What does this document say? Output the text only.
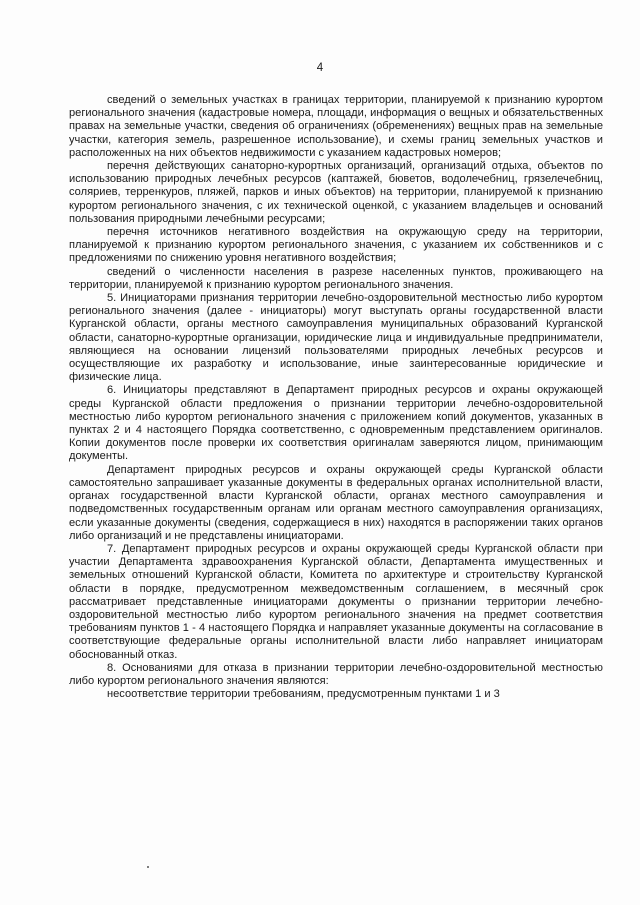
4

сведений о земельных участках в границах территории, планируемой к признанию курортом регионального значения (кадастровые номера, площади, информация о вещных и обязательственных правах на земельные участки, сведения об ограничениях (обременениях) вещных прав на земельные участки, категория земель, разрешенное использование), и схемы границ земельных участков и расположенных на них объектов недвижимости с указанием кадастровых номеров;

перечня действующих санаторно-курортных организаций, организаций отдыха, объектов по использованию природных лечебных ресурсов (каптажей, бюветов, водолечебниц, грязелечебниц, соляриев, терренкуров, пляжей, парков и иных объектов) на территории, планируемой к признанию курортом регионального значения, с их технической оценкой, с указанием владельцев и оснований пользования природными лечебными ресурсами;

перечня источников негативного воздействия на окружающую среду на территории, планируемой к признанию курортом регионального значения, с указанием их собственников и с предложениями по снижению уровня негативного воздействия;

сведений о численности населения в разрезе населенных пунктов, проживающего на территории, планируемой к признанию курортом регионального значения.

5. Инициаторами признания территории лечебно-оздоровительной местностью либо курортом регионального значения (далее - инициаторы) могут выступать органы государственной власти Курганской области, органы местного самоуправления муниципальных образований Курганской области, санаторно-курортные организации, юридические лица и индивидуальные предприниматели, являющиеся на основании лицензий пользователями природных лечебных ресурсов и осуществляющие их разработку и использование, иные заинтересованные юридические и физические лица.

6. Инициаторы представляют в Департамент природных ресурсов и охраны окружающей среды Курганской области предложения о признании территории лечебно-оздоровительной местностью либо курортом регионального значения с приложением копий документов, указанных в пунктах 2 и 4 настоящего Порядка соответственно, с одновременным представлением оригиналов. Копии документов после проверки их соответствия оригиналам заверяются лицом, принимающим документы.

Департамент природных ресурсов и охраны окружающей среды Курганской области самостоятельно запрашивает указанные документы в федеральных органах исполнительной власти, органах государственной власти Курганской области, органах местного самоуправления и подведомственных государственным органам или органам местного самоуправления организациях, если указанные документы (сведения, содержащиеся в них) находятся в распоряжении таких органов либо организаций и не представлены инициаторами.

7. Департамент природных ресурсов и охраны окружающей среды Курганской области при участии Департамента здравоохранения Курганской области, Департамента имущественных и земельных отношений Курганской области, Комитета по архитектуре и строительству Курганской области в порядке, предусмотренном межведомственным соглашением, в месячный срок рассматривает представленные инициаторами документы о признании территории лечебно-оздоровительной местностью либо курортом регионального значения на предмет соответствия требованиям пунктов 1 - 4 настоящего Порядка и направляет указанные документы на согласование в соответствующие федеральные органы исполнительной власти либо направляет инициаторам обоснованный отказ.

8. Основаниями для отказа в признании территории лечебно-оздоровительной местностью либо курортом регионального значения являются:

несоответствие территории требованиям, предусмотренным пунктами 1 и 3
